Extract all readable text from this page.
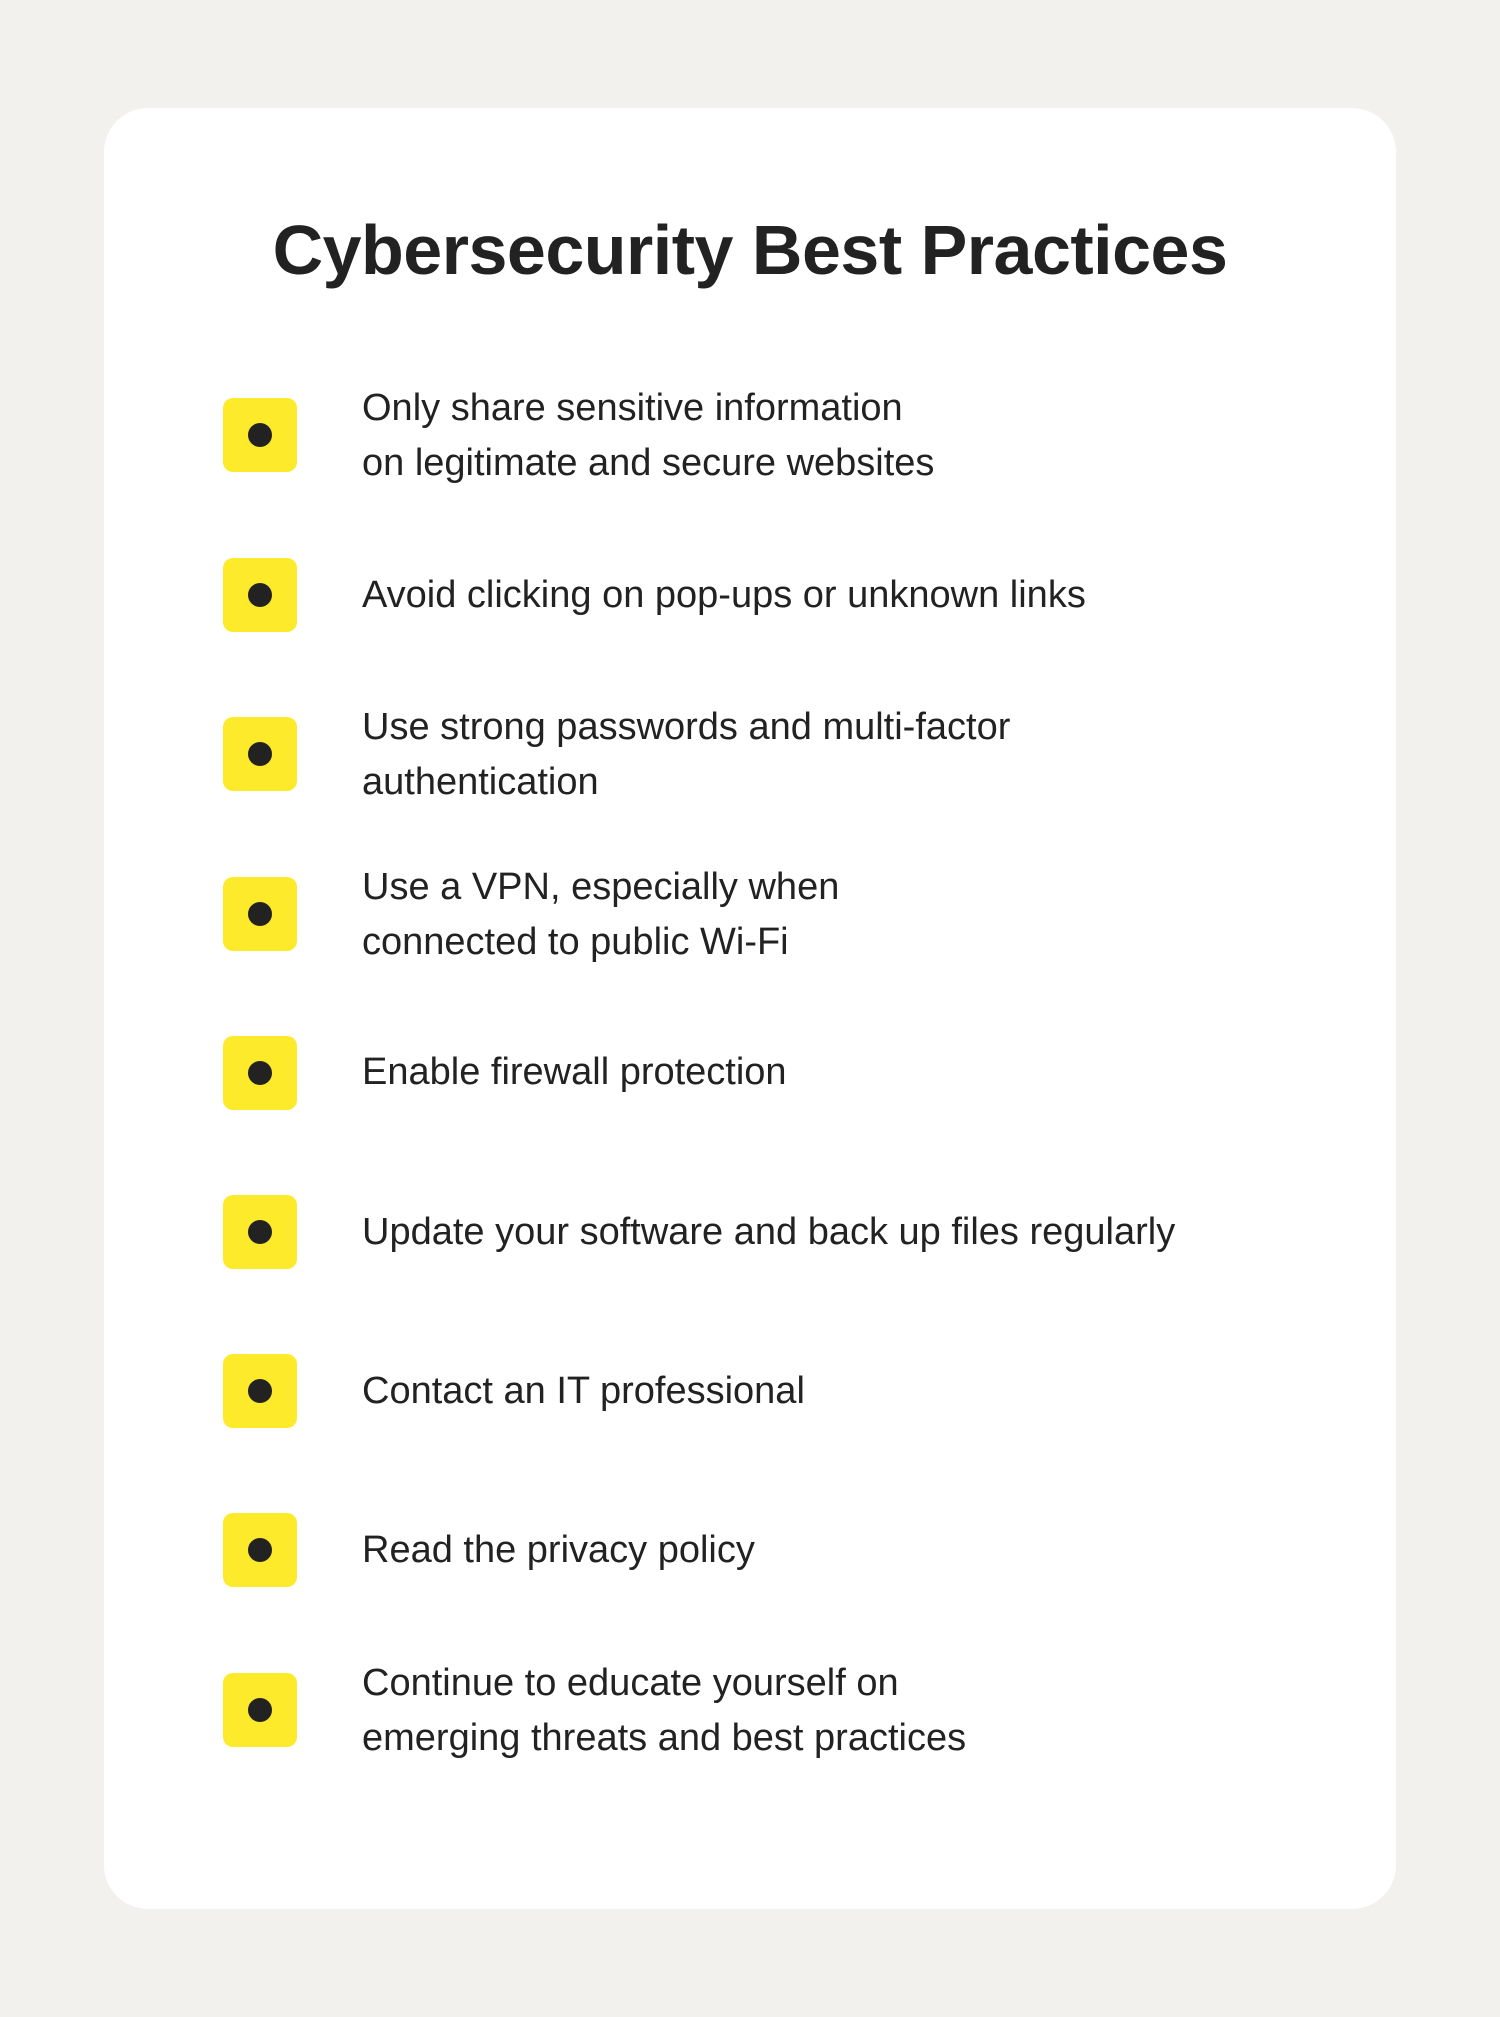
Cybersecurity Best Practices
Only share sensitive information
on legitimate and secure websites
Avoid clicking on pop-ups or unknown links
Use strong passwords and multi-factor
authentication
Use a VPN, especially when
connected to public Wi-Fi
Enable firewall protection
Update your software and back up files regularly
Contact an IT professional
Read the privacy policy
Continue to educate yourself on
emerging threats and best practices
